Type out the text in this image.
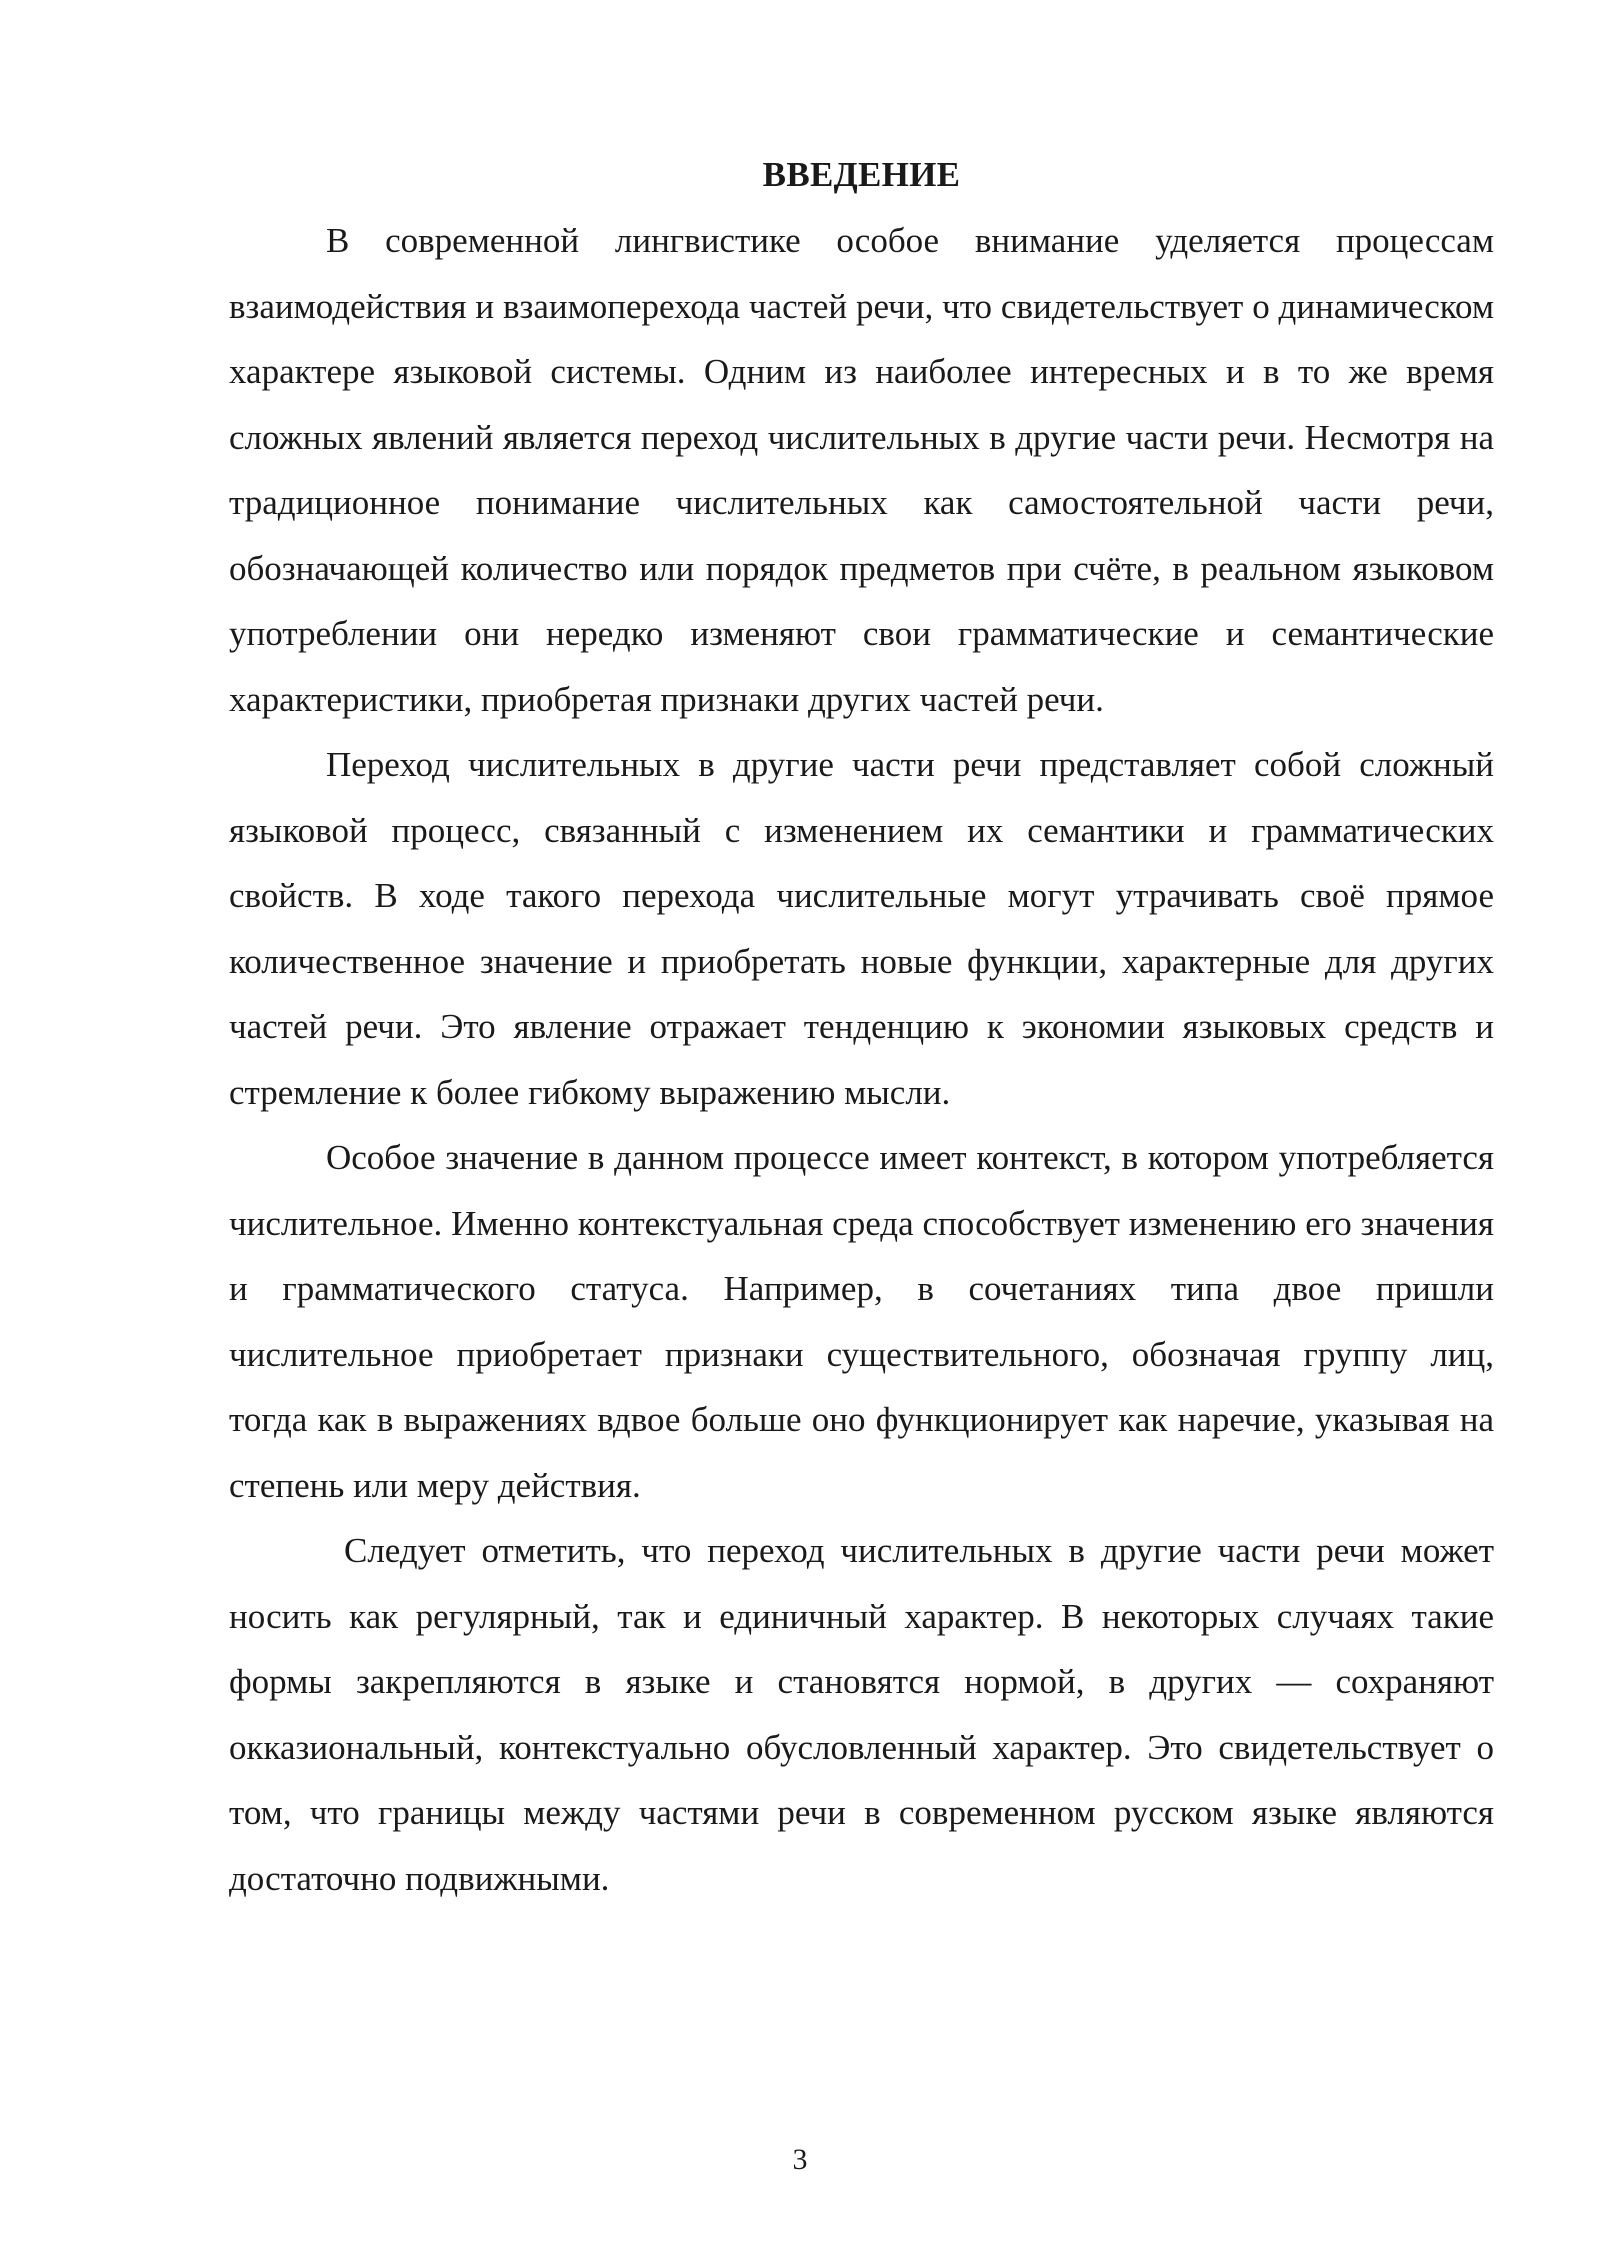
ВВЕДЕНИЕ

В современной лингвистике особое внимание уделяется процессам взаимодействия и взаимоперехода частей речи, что свидетельствует о динамическом характере языковой системы. Одним из наиболее интересных и в то же время сложных явлений является переход числительных в другие части речи. Несмотря на традиционное понимание числительных как самостоятельной части речи, обозначающей количество или порядок предметов при счёте, в реальном языковом употреблении они нередко изменяют свои грамматические и семантические характеристики, приобретая признаки других частей речи.

Переход числительных в другие части речи представляет собой сложный языковой процесс, связанный с изменением их семантики и грамматических свойств. В ходе такого перехода числительные могут утрачивать своё прямое количественное значение и приобретать новые функции, характерные для других частей речи. Это явление отражает тенденцию к экономии языковых средств и стремление к более гибкому выражению мысли.

Особое значение в данном процессе имеет контекст, в котором употребляется числительное. Именно контекстуальная среда способствует изменению его значения и грамматического статуса. Например, в сочетаниях типа двое пришли числительное приобретает признаки существительного, обозначая группу лиц, тогда как в выражениях вдвое больше оно функционирует как наречие, указывая на степень или меру действия.

Следует отметить, что переход числительных в другие части речи может носить как регулярный, так и единичный характер. В некоторых случаях такие формы закрепляются в языке и становятся нормой, в других — сохраняют окказиональный, контекстуально обусловленный характер. Это свидетельствует о том, что границы между частями речи в современном русском языке являются достаточно подвижными.

3
